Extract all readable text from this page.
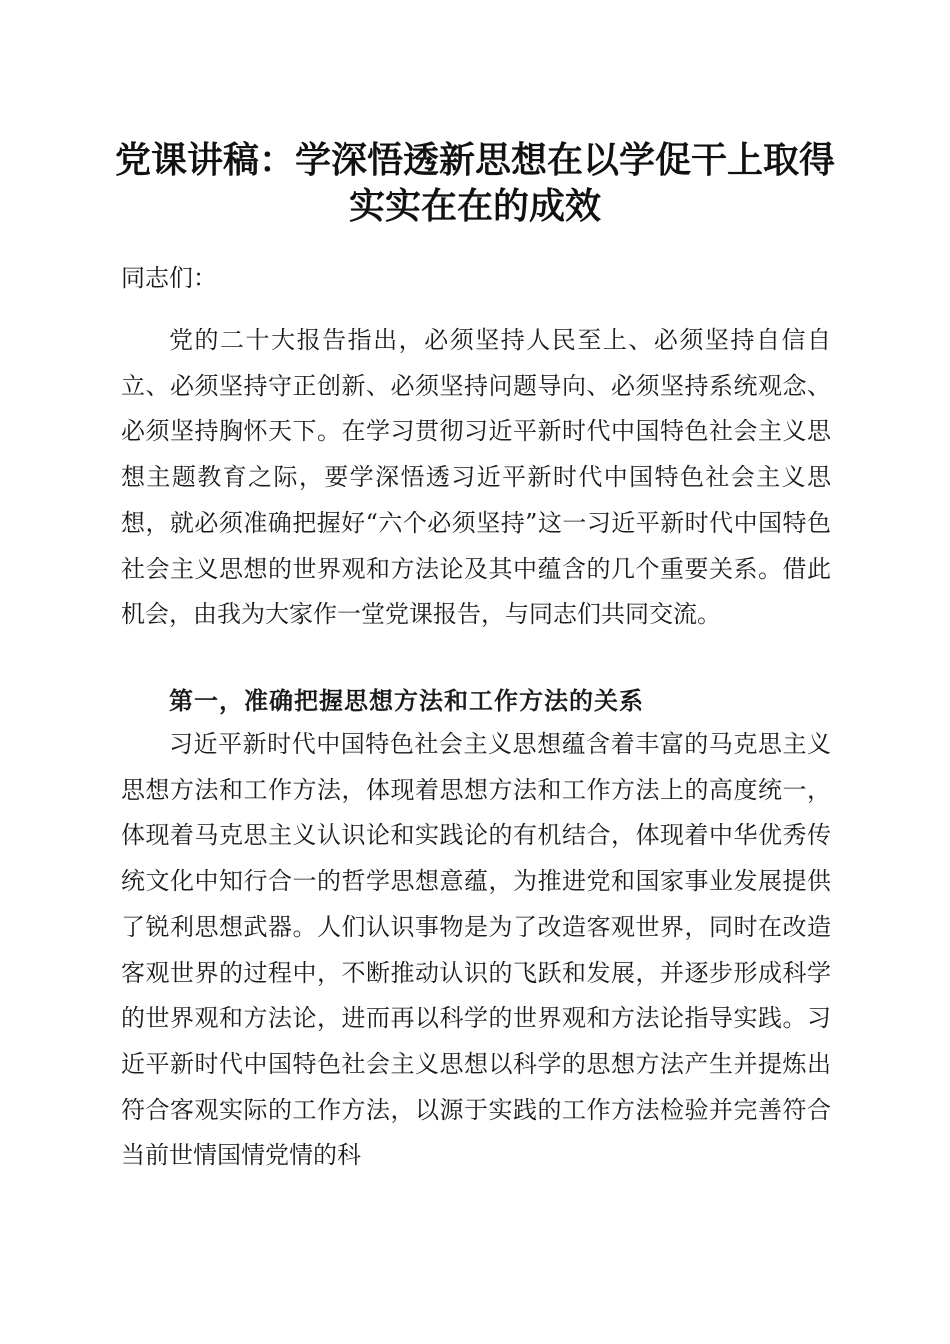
党课讲稿：学深悟透新思想在以学促干上取得
实实在在的成效
同志们：

党的二十大报告指出，必须坚持人民至上、必须坚持自信自立、必须坚持守正创新、必须坚持问题导向、必须坚持系统观念、必须坚持胸怀天下。在学习贯彻习近平新时代中国特色社会主义思想主题教育之际，要学深悟透习近平新时代中国特色社会主义思想，就必须准确把握好“六个必须坚持”这一习近平新时代中国特色社会主义思想的世界观和方法论及其中蕴含的几个重要关系。借此机会，由我为大家作一堂党课报告，与同志们共同交流。

第一，准确把握思想方法和工作方法的关系

习近平新时代中国特色社会主义思想蕴含着丰富的马克思主义思想方法和工作方法，体现着思想方法和工作方法上的高度统一，体现着马克思主义认识论和实践论的有机结合，体现着中华优秀传统文化中知行合一的哲学思想意蕴，为推进党和国家事业发展提供了锐利思想武器。人们认识事物是为了改造客观世界，同时在改造客观世界的过程中，不断推动认识的飞跃和发展，并逐步形成科学的世界观和方法论，进而再以科学的世界观和方法论指导实践。习近平新时代中国特色社会主义思想以科学的思想方法产生并提炼出符合客观实际的工作方法，以源于实践的工作方法检验并完善符合当前世情国情党情的科
